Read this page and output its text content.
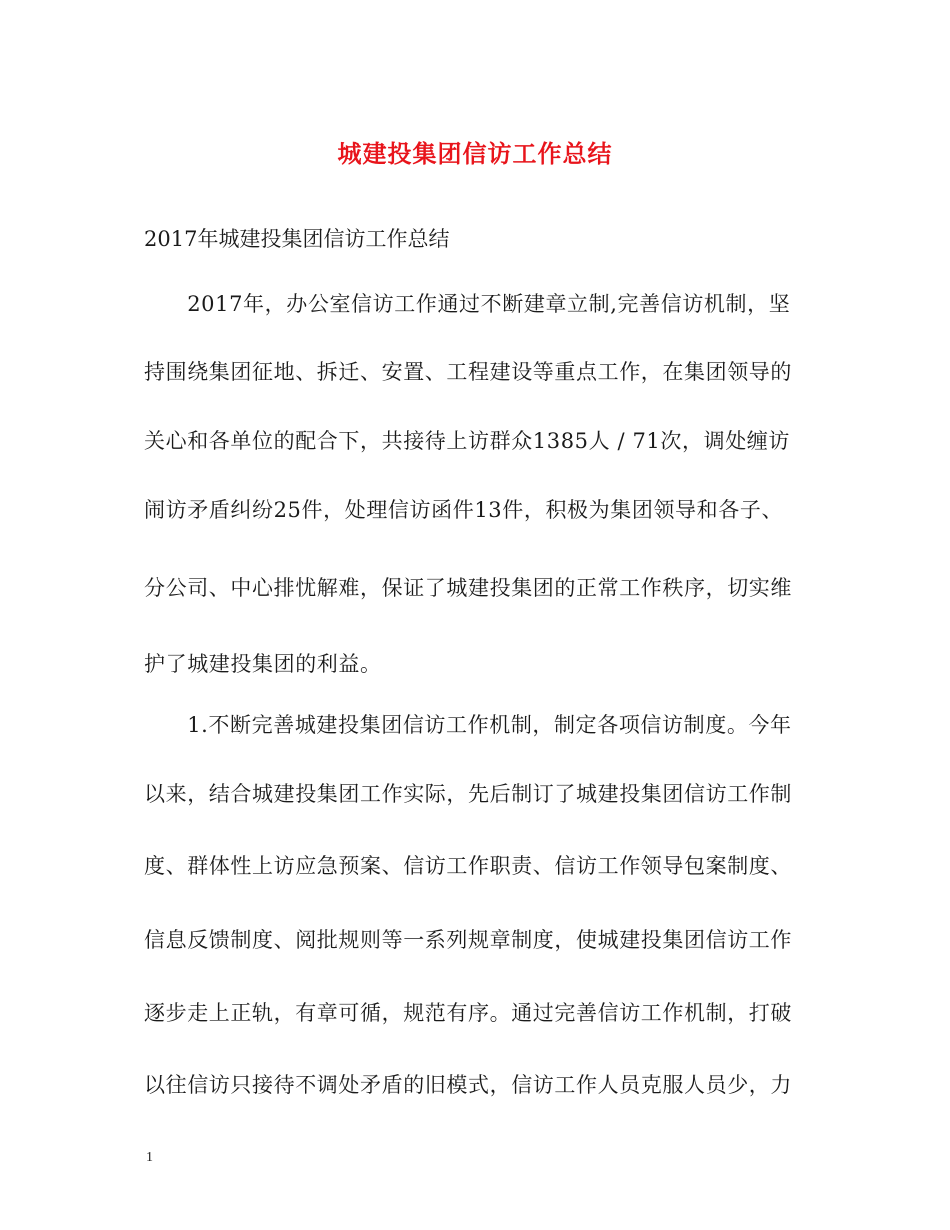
城建投集团信访工作总结
2017年城建投集团信访工作总结
　　2017年，办公室信访工作通过不断建章立制,完善信访机制，坚
持围绕集团征地、拆迁、安置、工程建设等重点工作，在集团领导的
关心和各单位的配合下，共接待上访群众1385人 / 71次，调处缠访
闹访矛盾纠纷25件，处理信访函件13件，积极为集团领导和各子、
分公司、中心排忧解难，保证了城建投集团的正常工作秩序，切实维
护了城建投集团的利益。
　　1.不断完善城建投集团信访工作机制，制定各项信访制度。今年
以来，结合城建投集团工作实际，先后制订了城建投集团信访工作制
度、群体性上访应急预案、信访工作职责、信访工作领导包案制度、
信息反馈制度、阅批规则等一系列规章制度，使城建投集团信访工作
逐步走上正轨，有章可循，规范有序。通过完善信访工作机制，打破
以往信访只接待不调处矛盾的旧模式，信访工作人员克服人员少，力
1
